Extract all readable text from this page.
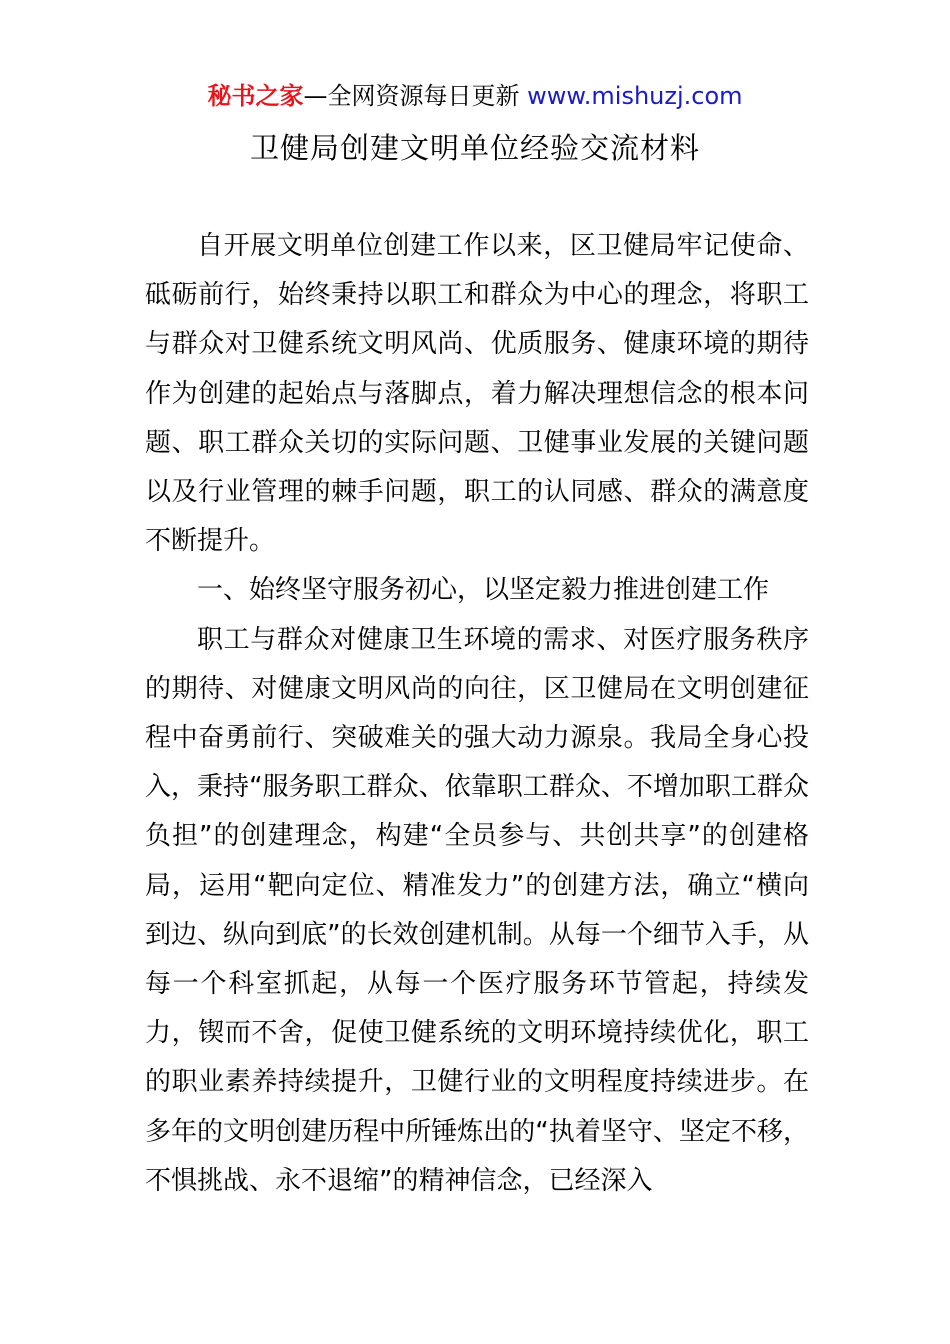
秘书之家—全网资源每日更新 www.mishuzj.com
卫健局创建文明单位经验交流材料

自开展文明单位创建工作以来，区卫健局牢记使命、砥砺前行，始终秉持以职工和群众为中心的理念，将职工与群众对卫健系统文明风尚、优质服务、健康环境的期待作为创建的起始点与落脚点，着力解决理想信念的根本问题、职工群众关切的实际问题、卫健事业发展的关键问题以及行业管理的棘手问题，职工的认同感、群众的满意度不断提升。

一、始终坚守服务初心，以坚定毅力推进创建工作

职工与群众对健康卫生环境的需求、对医疗服务秩序的期待、对健康文明风尚的向往，区卫健局在文明创建征程中奋勇前行、突破难关的强大动力源泉。我局全身心投入，秉持“服务职工群众、依靠职工群众、不增加职工群众负担”的创建理念，构建“全员参与、共创共享”的创建格局，运用“靶向定位、精准发力”的创建方法，确立“横向到边、纵向到底”的长效创建机制。从每一个细节入手，从每一个科室抓起，从每一个医疗服务环节管起，持续发力，锲而不舍，促使卫健系统的文明环境持续优化，职工的职业素养持续提升，卫健行业的文明程度持续进步。在多年的文明创建历程中所锤炼出的“执着坚守、坚定不移，不惧挑战、永不退缩”的精神信念，已经深入
